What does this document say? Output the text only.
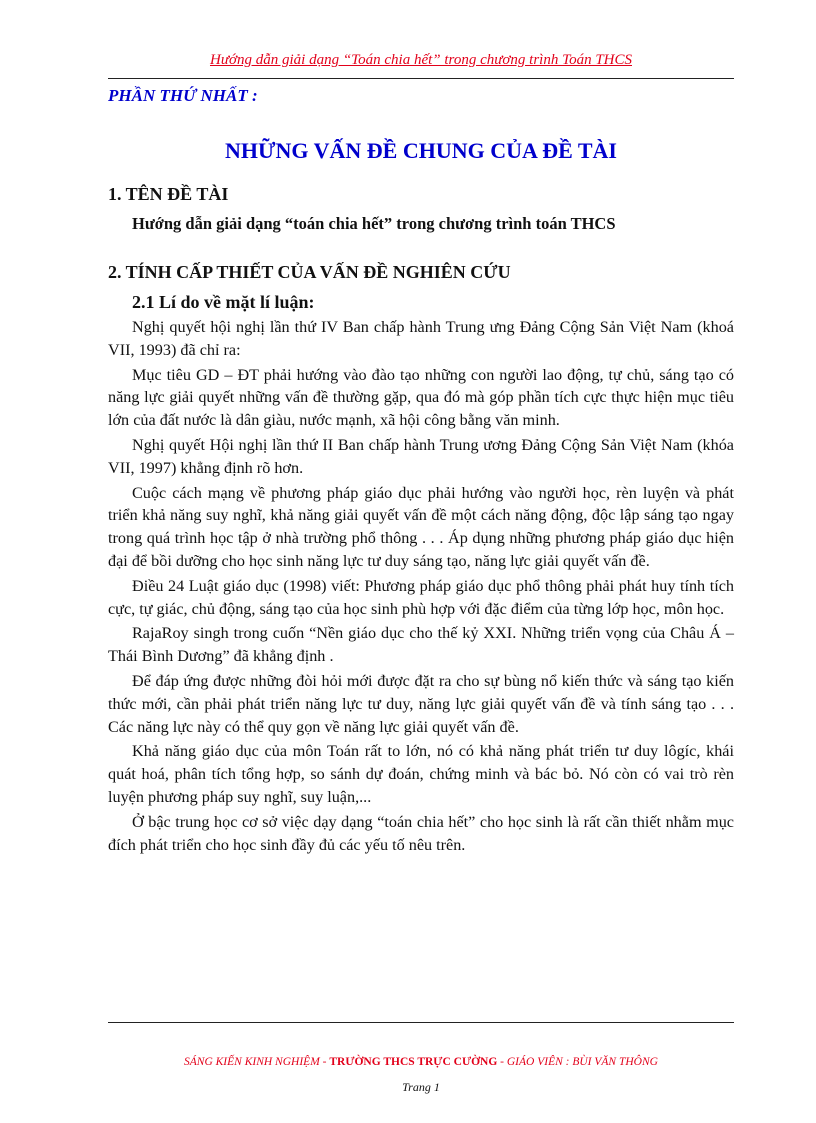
Hướng dẫn giải dạng “Toán chia hết” trong chương trình Toán THCS
PHẦN THỨ NHẤT :
NHỮNG VẤN ĐỀ CHUNG CỦA ĐỀ TÀI
1. TÊN ĐỀ TÀI
Hướng dẫn giải dạng “toán chia hết” trong chương trình toán THCS
2. TÍNH CẤP THIẾT CỦA VẤN ĐỀ NGHIÊN CỨU
2.1 Lí do về mặt lí luận:

Nghị quyết hội nghị lần thứ IV Ban chấp hành Trung ưng Đảng Cộng Sản Việt Nam (khoá VII, 1993) đã chỉ ra:

Mục tiêu GD – ĐT phải hướng vào đào tạo những con người lao động, tự chủ, sáng tạo có năng lực giải quyết những vấn đề thường gặp, qua đó mà góp phần tích cực thực hiện mục tiêu lớn của đất nước là dân giàu, nước mạnh, xã hội công bằng văn minh.

Nghị quyết Hội nghị lần thứ II Ban chấp hành Trung ương Đảng Cộng Sản Việt Nam (khóa VII, 1997) khẳng định rõ hơn.

Cuộc cách mạng về phương pháp giáo dục phải hướng vào người học, rèn luyện và phát triển khả năng suy nghĩ, khả năng giải quyết vấn đề một cách năng động, độc lập sáng tạo ngay trong quá trình học tập ở nhà trường phổ thông . . . Áp dụng những phương pháp giáo dục hiện đại để bồi dưỡng cho học sinh năng lực tư duy sáng tạo, năng lực giải quyết vấn đề.

Điều 24 Luật giáo dục (1998) viết: Phương pháp giáo dục phổ thông phải phát huy tính tích cực, tự giác, chủ động, sáng tạo của học sinh phù hợp với đặc điểm của từng lớp học, môn học.

RajaRoy singh trong cuốn “Nền giáo dục cho thế kỷ XXI. Những triển vọng của Châu Á – Thái Bình Dương” đã khẳng định .

Để đáp ứng được những đòi hỏi mới được đặt ra cho sự bùng nổ kiến thức và sáng tạo kiến thức mới, cần phải phát triển năng lực tư duy, năng lực giải quyết vấn đề và tính sáng tạo . . . Các năng lực này có thể quy gọn về năng lực giải quyết vấn đề.

Khả năng giáo dục của môn Toán rất to lớn, nó có khả năng phát triển tư duy lôgíc, khái quát hoá, phân tích tổng hợp, so sánh dự đoán, chứng minh và bác bỏ. Nó còn có vai trò rèn luyện phương pháp suy nghĩ, suy luận,...

Ở bậc trung học cơ sở việc dạy dạng “toán chia hết” cho học sinh là rất cần thiết nhằm mục đích phát triển cho học sinh đầy đủ các yếu tố nêu trên.

SÁNG KIẾN KINH NGHIỆM - TRƯỜNG THCS TRỰC CƯỜNG - GIÁO VIÊN : BÙI VĂN THÔNG
Trang 1
